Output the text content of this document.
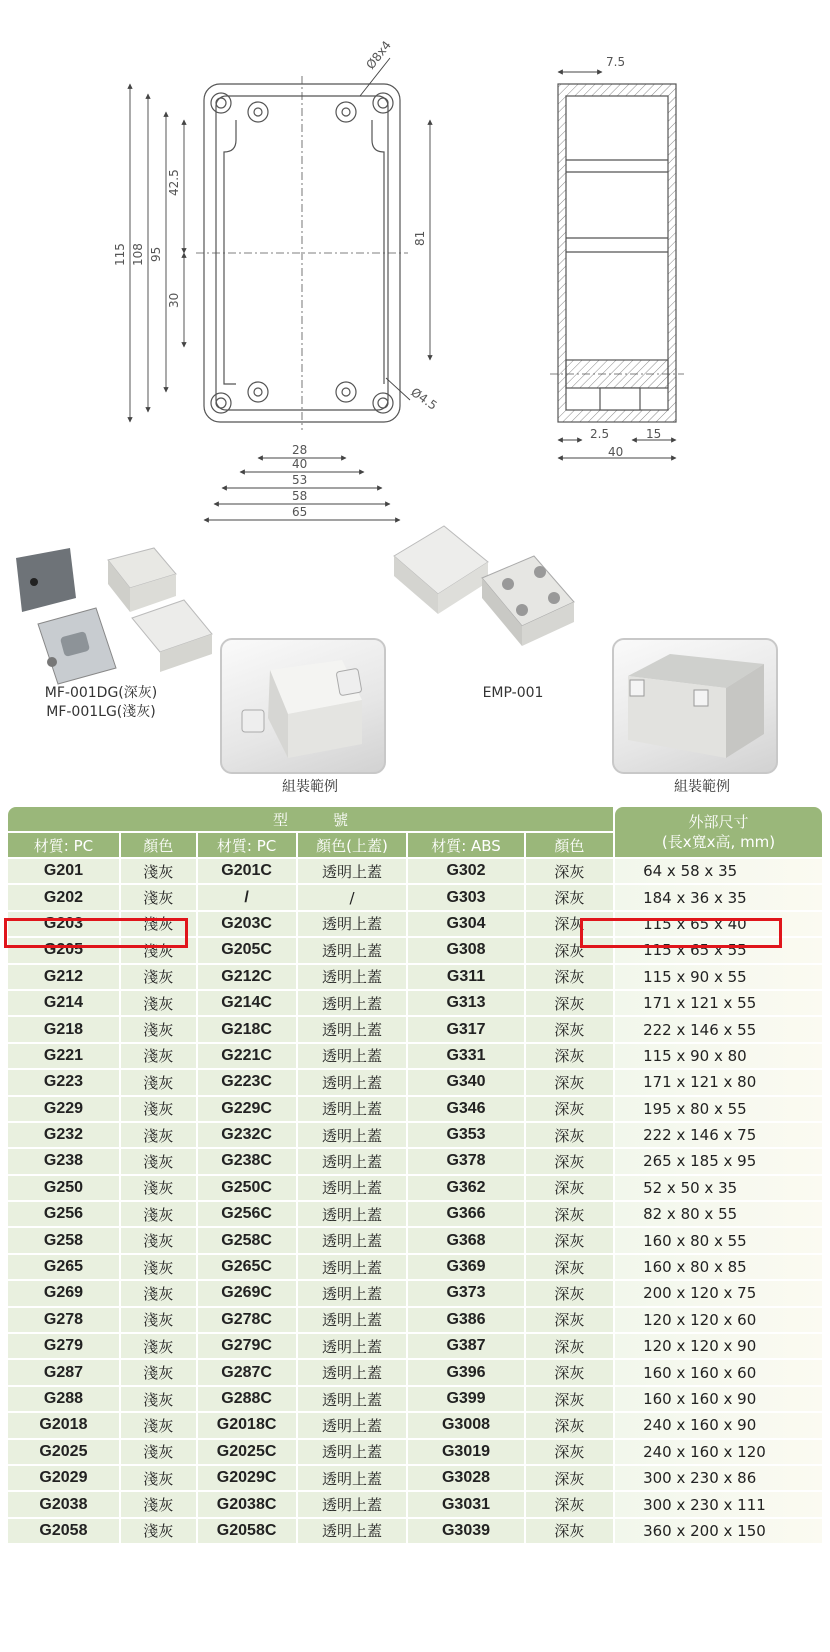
Ø8x4
115 108 95
42.5
30
81
Ø4.5
28
40
53
58
65
7.5
2.5	15
40
MF-001DG(深灰)
MF-001LG(淺灰)
組裝範例
EMP-001
組裝範例
型　　　號						外部尺寸
(長x寬x高, mm)

材質: PC	顏色	材質: PC	顏色(上蓋)	材質: ABS	顏色	
G201	淺灰	G201C	透明上蓋	G302	深灰	64 x 58 x 35
G202	淺灰	/	/	G303	深灰	184 x 36 x 35
G203	淺灰	G203C	透明上蓋	G304	深灰	115 x 65 x 40
G205	淺灰	G205C	透明上蓋	G308	深灰	115 x 65 x 55
G212	淺灰	G212C	透明上蓋	G311	深灰	115 x 90 x 55
G214	淺灰	G214C	透明上蓋	G313	深灰	171 x 121 x 55
G218	淺灰	G218C	透明上蓋	G317	深灰	222 x 146 x 55
G221	淺灰	G221C	透明上蓋	G331	深灰	115 x 90 x 80
G223	淺灰	G223C	透明上蓋	G340	深灰	171 x 121 x 80
G229	淺灰	G229C	透明上蓋	G346	深灰	195 x 80 x 55
G232	淺灰	G232C	透明上蓋	G353	深灰	222 x 146 x 75
G238	淺灰	G238C	透明上蓋	G378	深灰	265 x 185 x 95
G250	淺灰	G250C	透明上蓋	G362	深灰	52 x 50 x 35
G256	淺灰	G256C	透明上蓋	G366	深灰	82 x 80 x 55
G258	淺灰	G258C	透明上蓋	G368	深灰	160 x 80 x 55
G265	淺灰	G265C	透明上蓋	G369	深灰	160 x 80 x 85
G269	淺灰	G269C	透明上蓋	G373	深灰	200 x 120 x 75
G278	淺灰	G278C	透明上蓋	G386	深灰	120 x 120 x 60
G279	淺灰	G279C	透明上蓋	G387	深灰	120 x 120 x 90
G287	淺灰	G287C	透明上蓋	G396	深灰	160 x 160 x 60
G288	淺灰	G288C	透明上蓋	G399	深灰	160 x 160 x 90
G2018	淺灰	G2018C	透明上蓋	G3008	深灰	240 x 160 x 90
G2025	淺灰	G2025C	透明上蓋	G3019	深灰	240 x 160 x 120
G2029	淺灰	G2029C	透明上蓋	G3028	深灰	300 x 230 x 86
G2038	淺灰	G2038C	透明上蓋	G3031	深灰	300 x 230 x 111
G2058	淺灰	G2058C	透明上蓋	G3039	深灰	360 x 200 x 150
